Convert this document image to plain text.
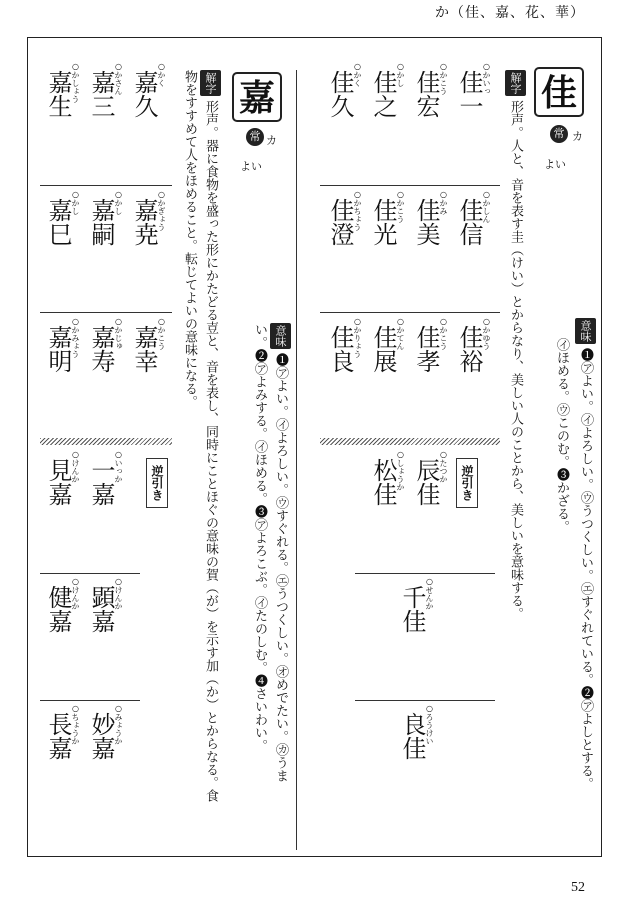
か（佳、嘉、花、華）
佳
常 カ
よい
解字形声。人と、音を表す圭（けい）とからなり、美しい人のことから、美しいを意味する。	意味❶㋐よい。㋑よろしい。㋒うつくしい。㋓すぐれている。❷㋐よしとする。
㋑ほめる。㋒このむ。❸かざる。
佳一 ○かいっ
佳宏 ○かこう
佳之 ○かし
佳久 ○かく
佳信 ○かしん
佳美 ○かみ
佳光 ○かこう
佳澄 ○かちょう
佳裕 ○かゆう
佳孝 ○かこう
佳展 ○かてん
佳良 ○かりょう
逆引き
辰佳 ○たつか
松佳 ○しょうか
千佳 ○せんか
良佳 ○ろうけい
嘉
常 カ
よい
解字形声。器に食物を盛った形にかたどる壴と、音を表し、同時にことほぐの意味の賀（が）を示す加（か）とからなる。食
物をすすめて人をほめること。転じてよいの意味になる。	意味❶㋐よい。㋑よろしい。㋒すぐれる。㋓うつくしい。㋔めでたい。㋕うま
い。❷㋐よみする。㋑ほめる。❸㋐よろこぶ。㋑たのしむ。❹さいわい。
嘉久 ○かく
嘉三 ○かさん
嘉生 ○かしょう
嘉尭 ○かぎょう
嘉嗣 ○かし
嘉巳 ○かし
嘉幸 ○かこう
嘉寿 ○かじゅ
嘉明 ○かみょう
逆引き
一嘉 ○いっか
見嘉 ○けんか
顕嘉 ○けんか
健嘉 ○けんか
妙嘉 ○みょうか
長嘉 ○ちょうか
52
